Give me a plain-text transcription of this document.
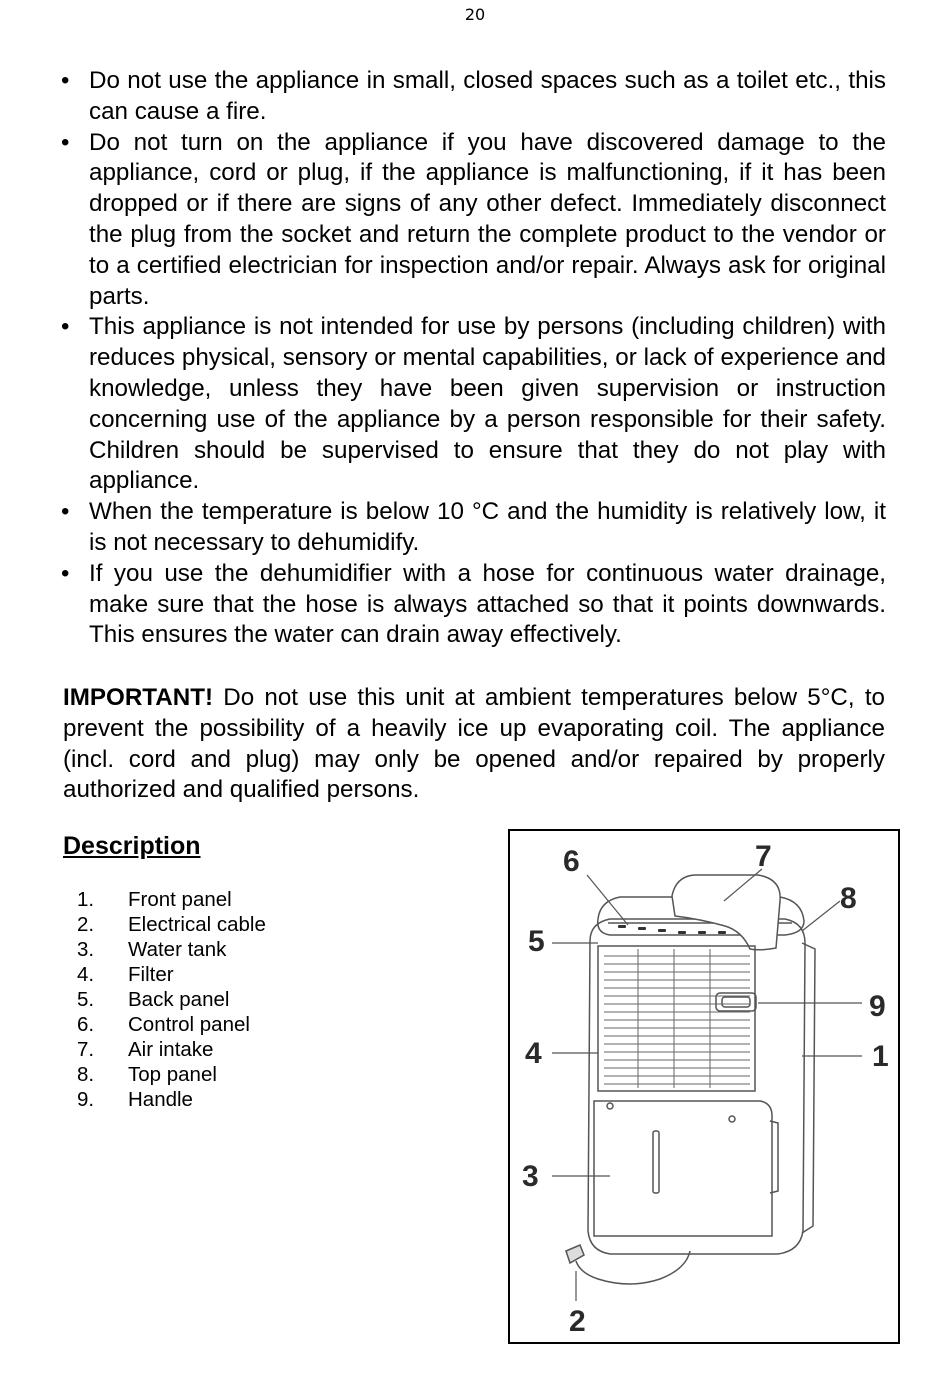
20
• Do not use the appliance in small, closed spaces such as a toilet etc., this can cause a fire.
• Do not turn on the appliance if you have discovered damage to the appliance, cord or plug, if the appliance is malfunctioning, if it has been dropped or if there are signs of any other defect. Immediately disconnect the plug from the socket and return the complete product to the vendor or to a certified electrician for inspection and/or repair. Always ask for original parts.
• This appliance is not intended for use by persons (including children) with reduces physical, sensory or mental capabilities, or lack of experience and knowledge, unless they have been given supervision or instruction concerning use of the appliance by a person responsible for their safety. Children should be supervised to ensure that they do not play with appliance.
• When the temperature is below 10 °C and the humidity is relatively low, it is not necessary to dehumidify.
• If you use the dehumidifier with a hose for continuous water drainage, make sure that the hose is always attached so that it points downwards. This ensures the water can drain away effectively.

IMPORTANT! Do not use this unit at ambient temperatures below 5°C, to prevent the possibility of a heavily ice up evaporating coil. The appliance (incl. cord and plug) may only be opened and/or repaired by properly authorized and qualified persons.

Description
1. Front panel
2. Electrical cable
3. Water tank
4. Filter
5. Back panel
6. Control panel
7. Air intake
8. Top panel
9. Handle
1
2
3
4
5
6	7
8
9
